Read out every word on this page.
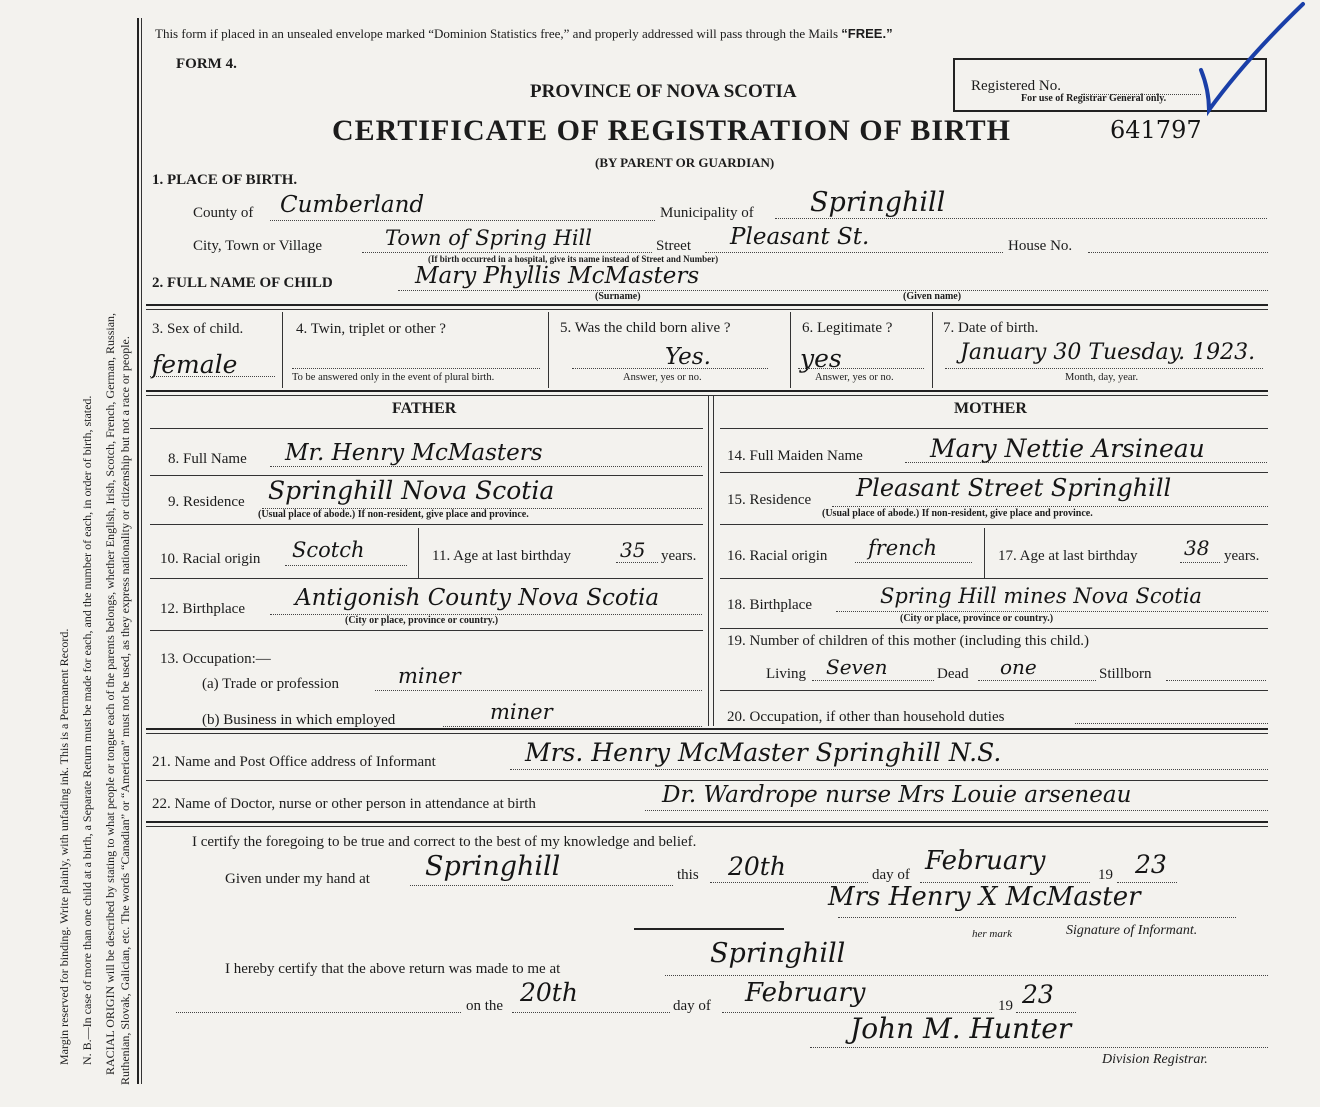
Margin reserved for binding. Write plainly, with unfading ink. This is a Permanent Record. N. B.—In case of more than one child at a birth, a Separate Return must be made for each, and the number of each, in order of birth, stated. RACIAL ORIGIN will be described by stating to what people or tongue each of the parents belongs, whether English, Irish, Scotch, French, German, Russian, Ruthenian, Slovak, Galician, etc. The words “Canadian” or “American” must not be used, as they express nationality or citizenship but not a race or people.
This form if placed in an unsealed envelope marked “Dominion Statistics free,” and properly addressed will pass through the Mails “FREE.”
FORM 4.
PROVINCE OF NOVA SCOTIA
CERTIFICATE OF REGISTRATION OF BIRTH	641797
(BY PARENT OR GUARDIAN)
Registered No.
For use of Registrar General only.
1. PLACE OF BIRTH.
County of Cumberland	Municipality of Springhill
City, Town or Village	Town of Spring Hill	Street Pleasant St.	House No.
(If birth occurred in a hospital, give its name instead of Street and Number)
2. FULL NAME OF CHILD	Mary Phyllis McMasters
(Surname)	(Given name)
3. Sex of child.
female
4. Twin, triplet or other ?
To be answered only in the event of plural birth.
5. Was the child born alive ?
Yes.
Answer, yes or no.
6. Legitimate ?
yes
Answer, yes or no.
7. Date of birth.
January 30 Tuesday. 1923.
Month, day, year.
FATHER	MOTHER
8. Full Name Mr. Henry McMasters
9. Residence Springhill Nova Scotia
(Usual place of abode.) If non-resident, give place and province.
10. Racial origin Scotch	11. Age at last birthday 35 years.
12. Birthplace Antigonish County Nova Scotia
(City or place, province or country.)
13. Occupation:—
(a) Trade or profession	miner
(b) Business in which employed	miner
14. Full Maiden Name	Mary Nettie Arsineau
15. Residence Pleasant Street Springhill
(Usual place of abode.) If non-resident, give place and province.
16. Racial origin french	17. Age at last birthday 38 years.
18. Birthplace	Spring Hill mines Nova Scotia
(City or place, province or country.)
19. Number of children of this mother (including this child.)
Living Seven	Dead one	Stillborn
20. Occupation, if other than household duties
21. Name and Post Office address of Informant	Mrs. Henry McMaster Springhill N.S.
22. Name of Doctor, nurse or other person in attendance at birth	Dr. Wardrope nurse Mrs Louie arseneau
I certify the foregoing to be true and correct to the best of my knowledge and belief.
Given under my hand at Springhill	this 20th	day of February	19 23
Mrs Henry X McMaster
her mark	Signature of Informant.
I hereby certify that the above return was made to me at	Springhill
on the 20th	day of February	19 23
John M. Hunter
Division Registrar.
